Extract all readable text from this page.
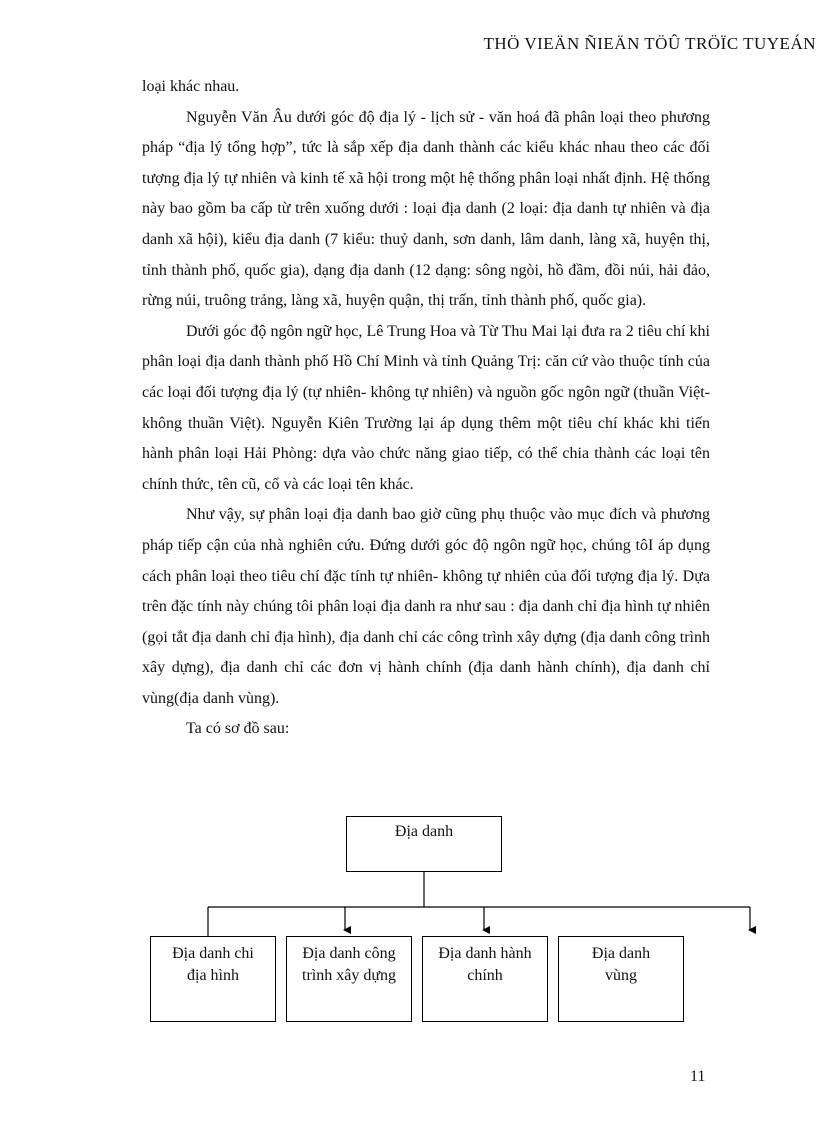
THÖ VIEÄN ÑIEÄN TÖÛ TRÖÏC TUYEÁN

loại khác nhau.

Nguyễn Văn Âu dưới góc độ địa lý - lịch sử - văn hoá đã phân loại theo phương pháp “địa lý tổng hợp”, tức là sắp xếp địa danh thành các kiểu khác nhau theo các đối tượng địa lý tự nhiên và kinh tế xã hội trong một hệ thống phân loại nhất định. Hệ thống này bao gồm ba cấp từ trên xuống dưới : loại địa danh (2 loại: địa danh tự nhiên và địa danh xã hội), kiểu địa danh (7 kiểu: thuỷ danh, sơn danh, lâm danh, làng xã, huyện thị, tỉnh thành phố, quốc gia), dạng địa danh (12 dạng: sông ngòi, hồ đầm, đồi núi, hải đảo, rừng núi, truông trảng, làng xã, huyện quận, thị trấn, tỉnh thành phố, quốc gia).

Dưới góc độ ngôn ngữ học, Lê Trung Hoa và Từ Thu Mai lại đưa ra 2 tiêu chí khi phân loại địa danh thành phố Hồ Chí Minh và tỉnh Quảng Trị: căn cứ vào thuộc tính của các loại đối tượng địa lý (tự nhiên- không tự nhiên) và nguồn gốc ngôn ngữ (thuần Việt- không thuần Việt). Nguyễn Kiên Trường lại áp dụng thêm một tiêu chí khác khi tiến hành phân loại Hải Phòng: dựa vào chức năng giao tiếp, có thể chia thành các loại tên chính thức, tên cũ, cổ và các loại tên khác.

Như vậy, sự phân loại địa danh bao giờ cũng phụ thuộc vào mục đích và phương pháp tiếp cận của nhà nghiên cứu. Đứng dưới góc độ ngôn ngữ học, chúng tôI áp dụng cách phân loại theo tiêu chí đặc tính tự nhiên- không tự nhiên của đối tượng địa lý. Dựa trên đặc tính này chúng tôi phân loại địa danh ra như sau : địa danh chỉ địa hình tự nhiên (gọi tắt địa danh chỉ địa hình), địa danh chỉ các công trình xây dựng (địa danh công trình xây dựng), địa danh chỉ các đơn vị hành chính (địa danh hành chính), địa danh chỉ vùng(địa danh vùng).

Ta có sơ đồ sau:

Địa danh
Địa danh chi
địa hình
Địa danh công
trình xây dựng
Địa danh hành
chính
Địa danh
vùng
11
